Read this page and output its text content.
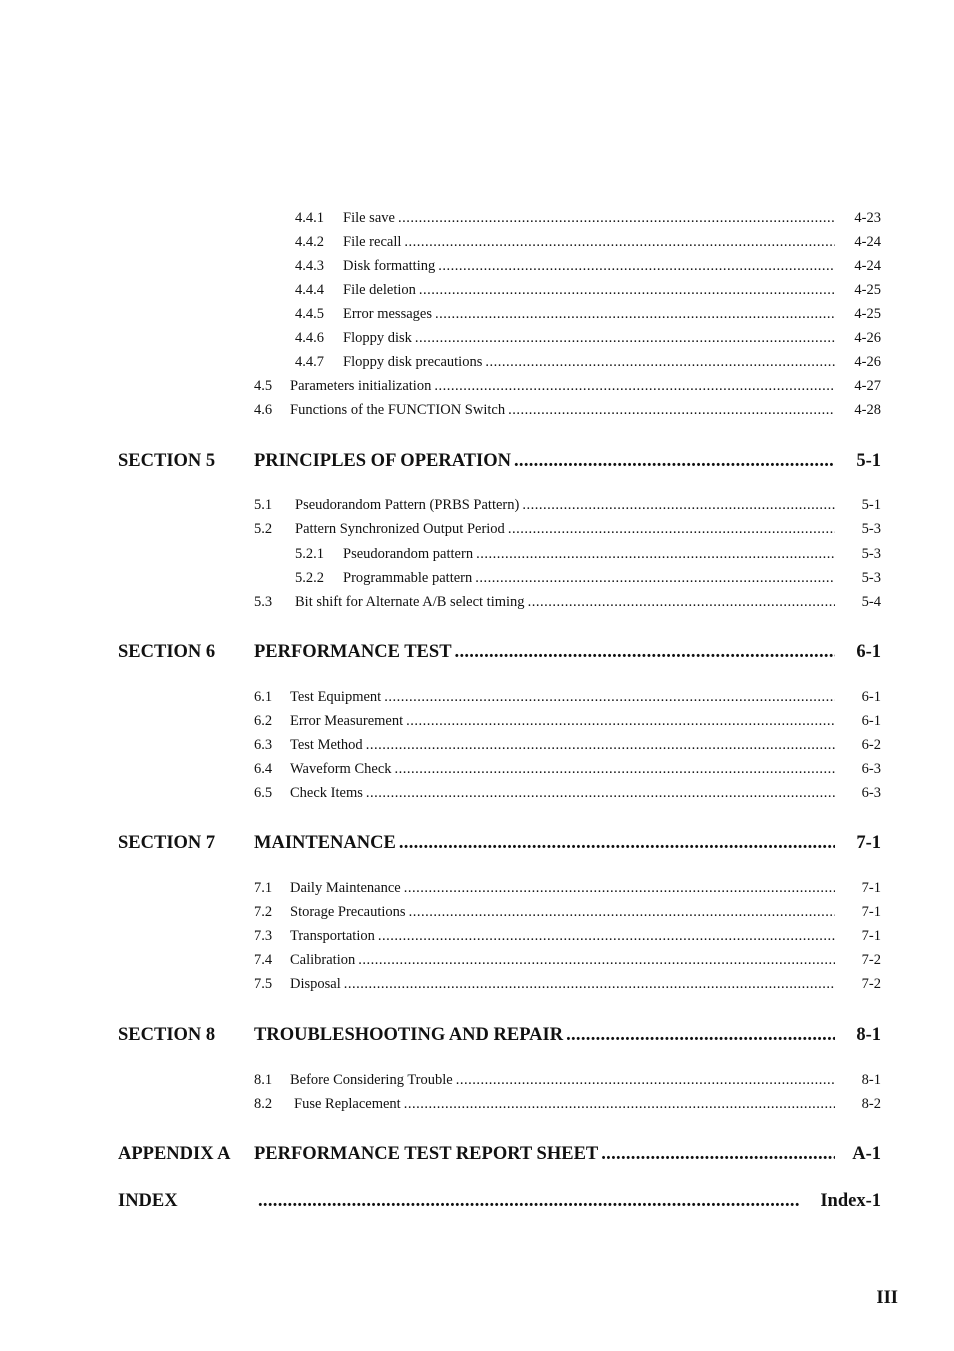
4.4.1	File save .....	4-23
4.4.2	File recall .....	4-24
4.4.3	Disk formatting .....	4-24
4.4.4	File deletion .....	4-25
4.4.5	Error messages .....	4-25
4.4.6	Floppy disk .....	4-26
4.4.7	Floppy disk precautions .....	4-26
4.5	Parameters initialization .....	4-27
4.6	Functions of the FUNCTION Switch .....	4-28
SECTION 5 PRINCIPLES OF OPERATION .....	5-1
5.1	Pseudorandom Pattern (PRBS Pattern) .....	5-1
5.2	Pattern Synchronized Output Period .....	5-3
5.2.1	Pseudorandom pattern .....	5-3
5.2.2	Programmable pattern .....	5-3
5.3	Bit shift for Alternate A/B select timing .....	5-4
SECTION 6 PERFORMANCE TEST .....	6-1
6.1	Test Equipment .....	6-1
6.2	Error Measurement .....	6-1
6.3	Test Method .....	6-2
6.4	Waveform Check .....	6-3
6.5	Check Items .....	6-3
SECTION 7 MAINTENANCE .....	7-1
7.1	Daily Maintenance .....	7-1
7.2	Storage Precautions .....	7-1
7.3	Transportation .....	7-1
7.4	Calibration .....	7-2
7.5	Disposal .....	7-2
SECTION 8 TROUBLESHOOTING AND REPAIR .....	8-1
8.1	Before Considering Trouble .....	8-1
8.2	Fuse Replacement .....	8-2
APPENDIX A PERFORMANCE TEST REPORT SHEET .....	A-1
INDEX .....	Index-1
III
